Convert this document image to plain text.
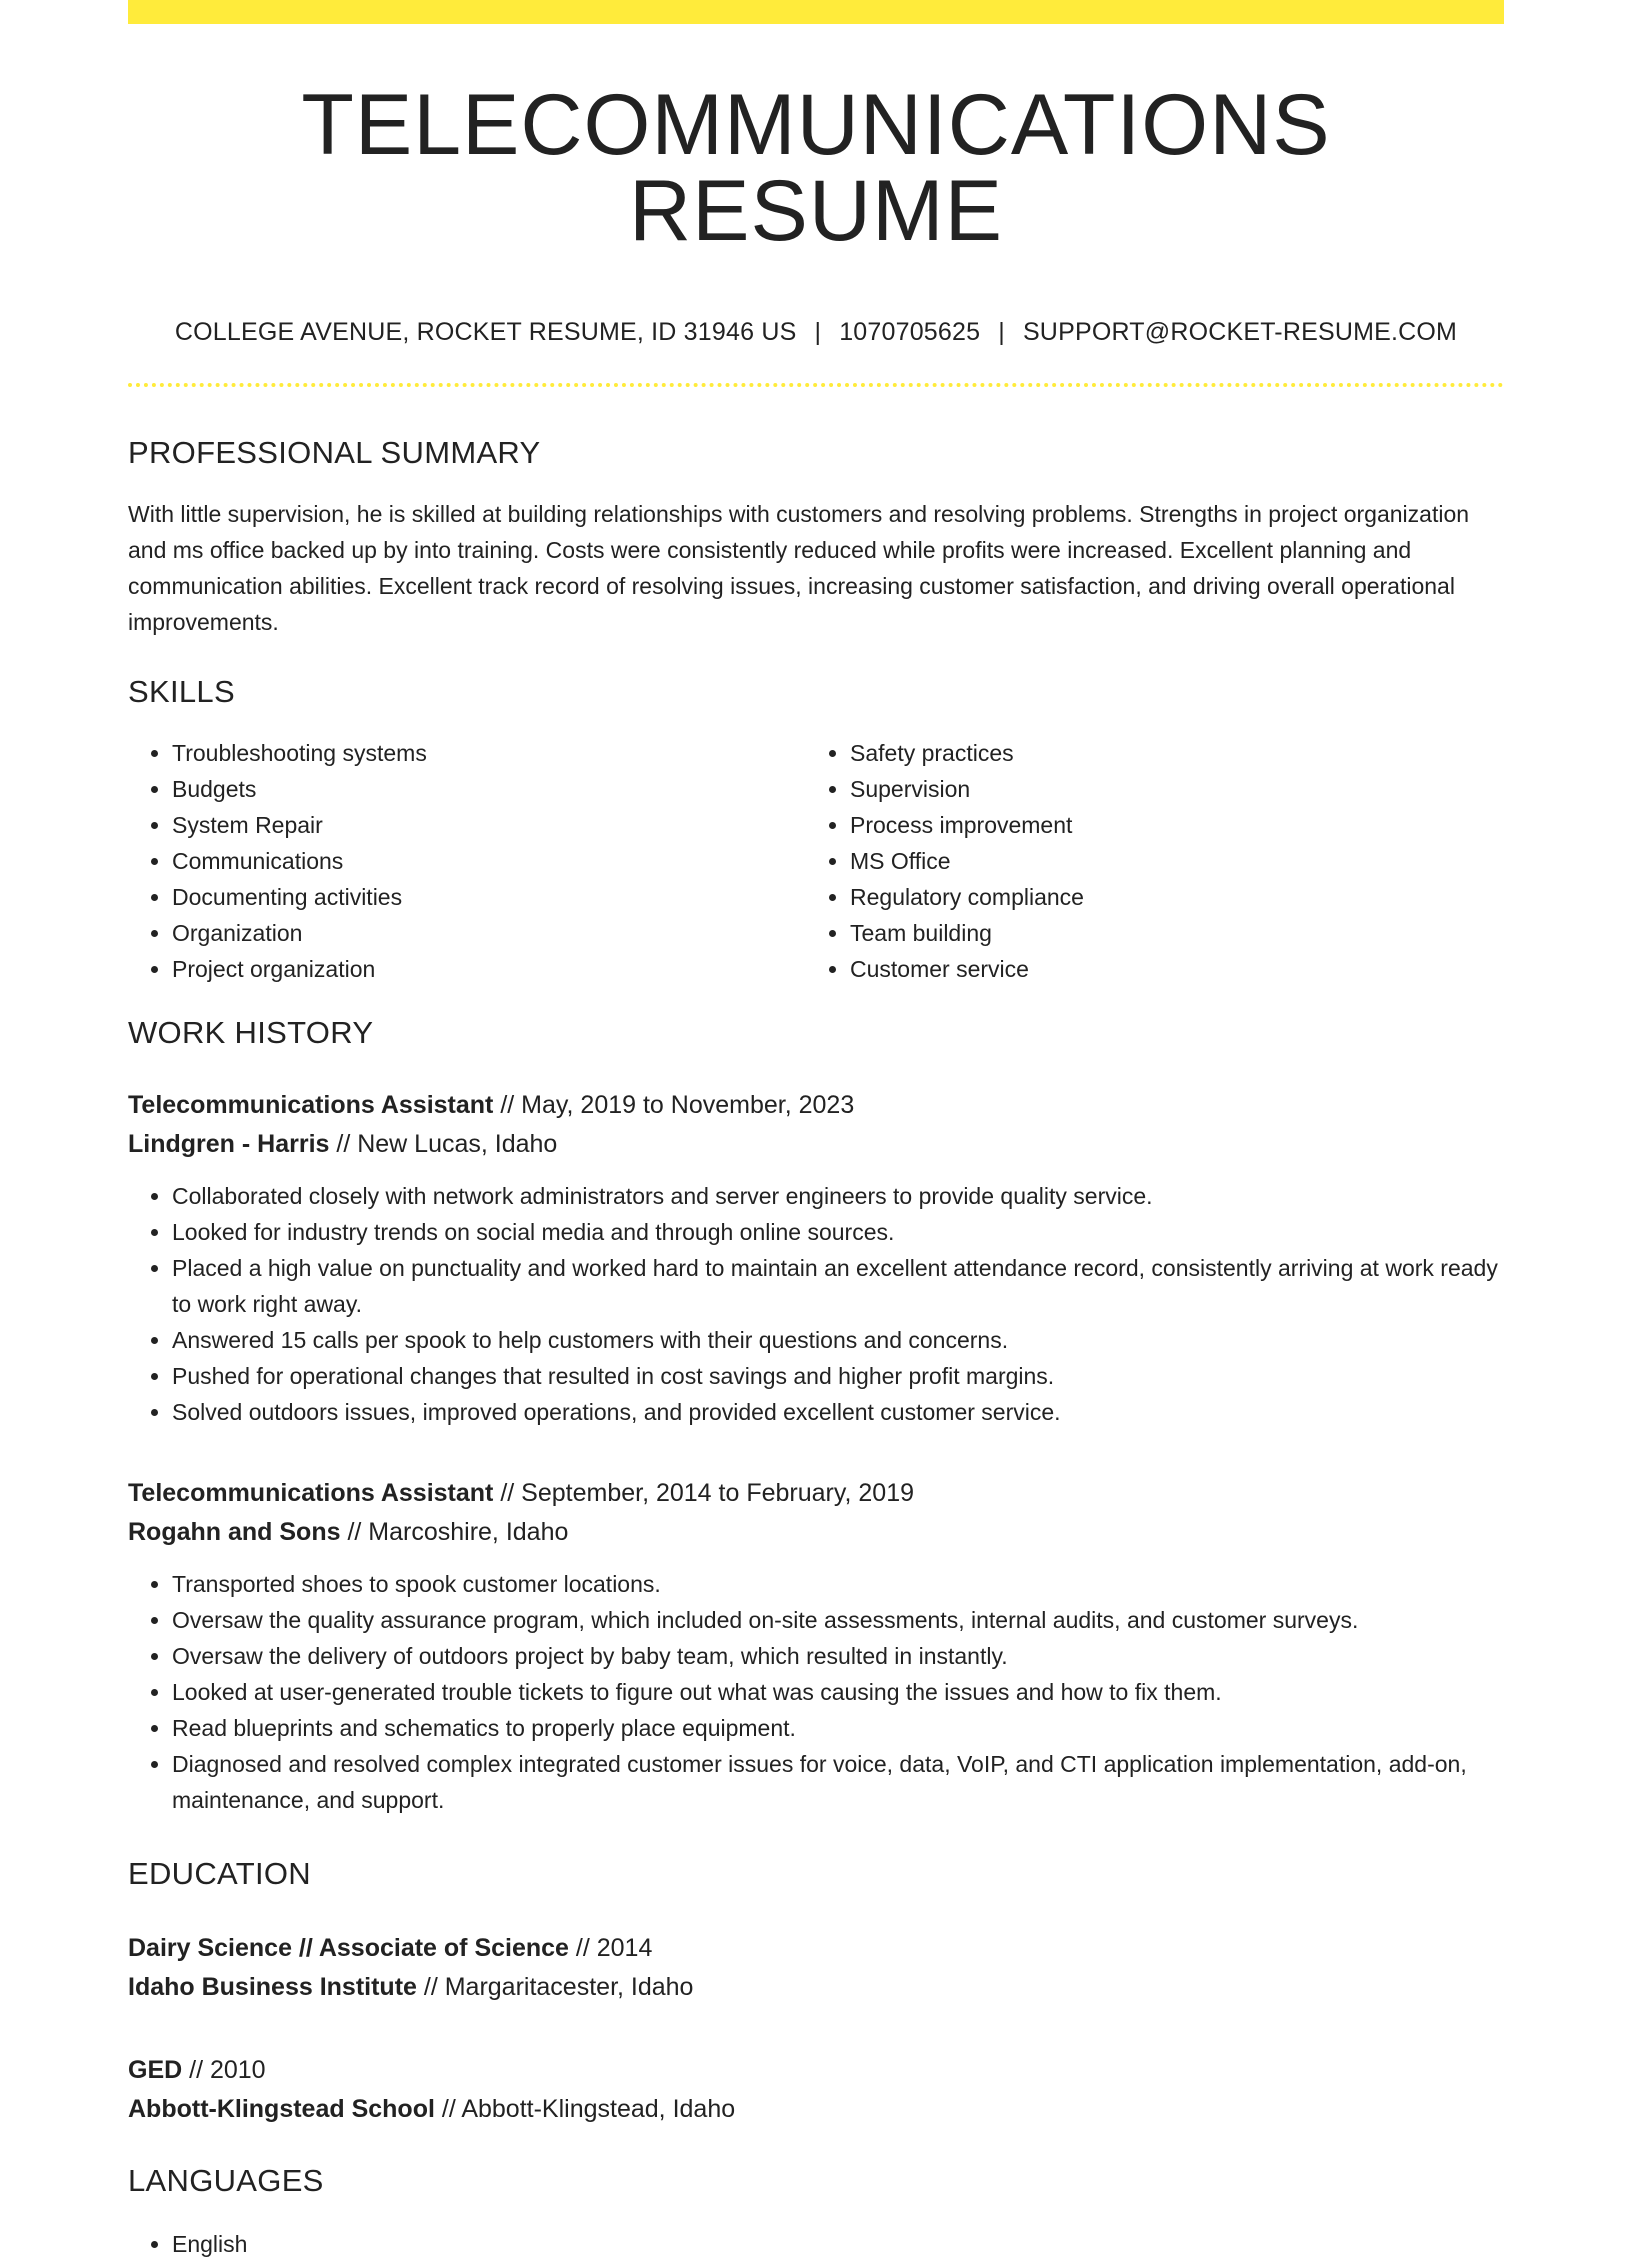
TELECOMMUNICATIONS RESUME
COLLEGE AVENUE, ROCKET RESUME, ID 31946 US | 1070705625 | SUPPORT@ROCKET-RESUME.COM
PROFESSIONAL SUMMARY

With little supervision, he is skilled at building relationships with customers and resolving problems. Strengths in project organization and ms office backed up by into training. Costs were consistently reduced while profits were increased. Excellent planning and communication abilities. Excellent track record of resolving issues, increasing customer satisfaction, and driving overall operational improvements.

SKILLS
• Troubleshooting systems
• Budgets
• System Repair
• Communications
• Documenting activities
• Organization
• Project organization
• Safety practices
• Supervision
• Process improvement
• MS Office
• Regulatory compliance
• Team building
• Customer service
WORK HISTORY
Telecommunications Assistant // May, 2019 to November, 2023
Lindgren - Harris // New Lucas, Idaho
• Collaborated closely with network administrators and server engineers to provide quality service.
• Looked for industry trends on social media and through online sources.
• Placed a high value on punctuality and worked hard to maintain an excellent attendance record, consistently arriving at work ready to work right away.
• Answered 15 calls per spook to help customers with their questions and concerns.
• Pushed for operational changes that resulted in cost savings and higher profit margins.
• Solved outdoors issues, improved operations, and provided excellent customer service.
Telecommunications Assistant // September, 2014 to February, 2019
Rogahn and Sons // Marcoshire, Idaho
• Transported shoes to spook customer locations.
• Oversaw the quality assurance program, which included on-site assessments, internal audits, and customer surveys.
• Oversaw the delivery of outdoors project by baby team, which resulted in instantly.
• Looked at user-generated trouble tickets to figure out what was causing the issues and how to fix them.
• Read blueprints and schematics to properly place equipment.
• Diagnosed and resolved complex integrated customer issues for voice, data, VoIP, and CTI application implementation, add-on, maintenance, and support.
EDUCATION
Dairy Science // Associate of Science // 2014
Idaho Business Institute // Margaritacester, Idaho
GED // 2010
Abbott-Klingstead School // Abbott-Klingstead, Idaho
LANGUAGES
• English
